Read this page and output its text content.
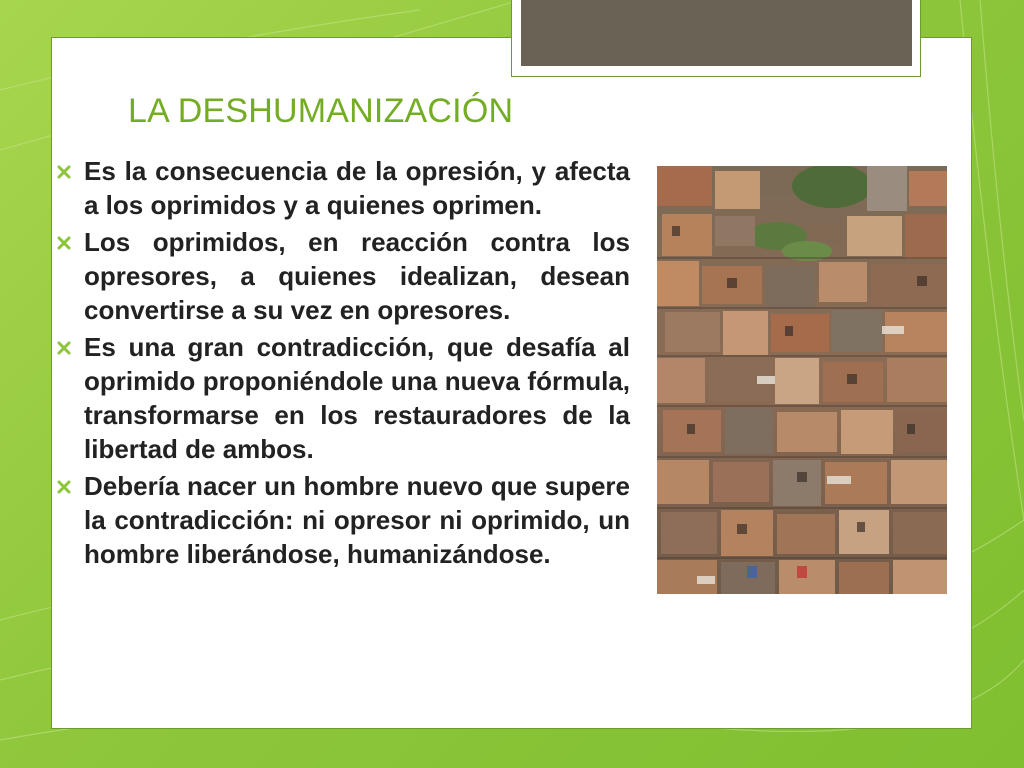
LA DESHUMANIZACIÓN
Es la consecuencia de la opresión, y afecta a los oprimidos y a quienes oprimen.
Los oprimidos, en reacción contra los opresores, a quienes idealizan, desean convertirse a su vez en opresores.
Es una gran contradicción, que desafía al oprimido proponiéndole una nueva fórmula, transformarse en los restauradores de la libertad de ambos.
Debería nacer un hombre nuevo que supere la contradicción: ni opresor ni oprimido, un hombre liberándose, humanizándose.
